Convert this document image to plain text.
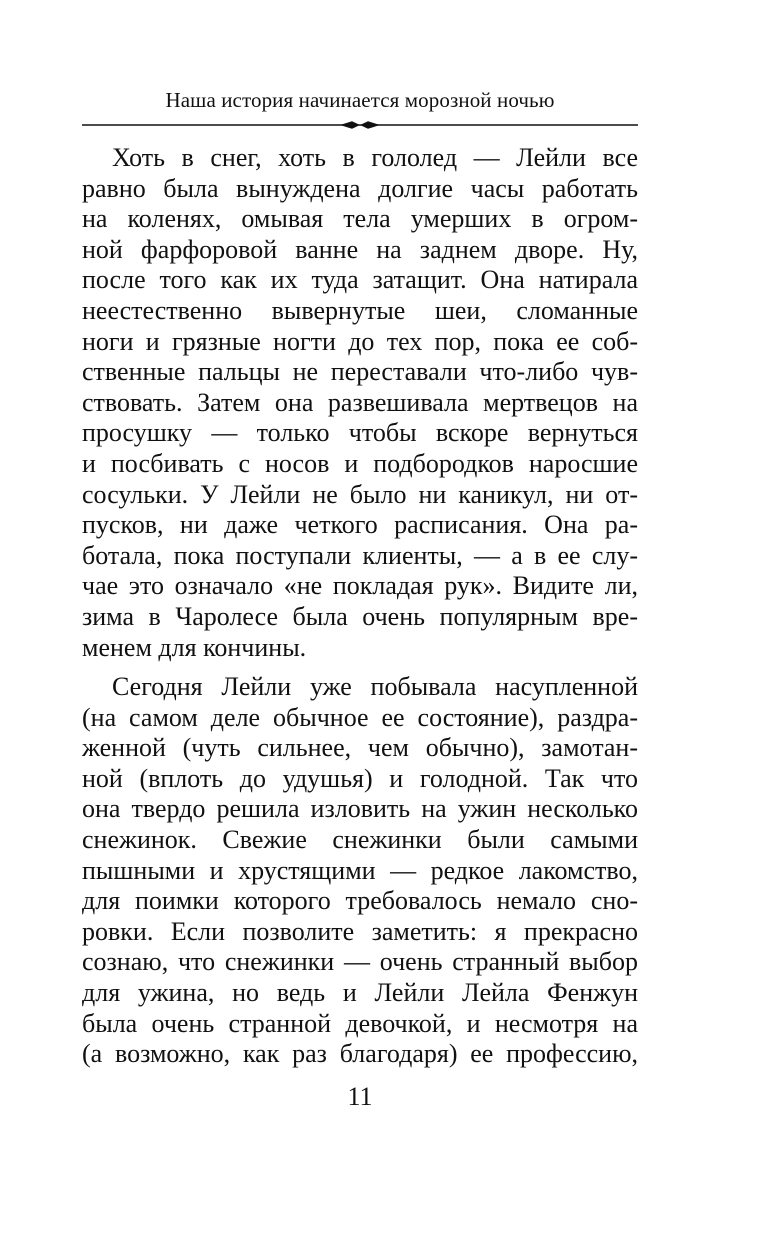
Наша история начинается морозной ночью
Хоть в снег, хоть в гололед — Лейли все
равно была вынуждена долгие часы работать
на коленях, омывая тела умерших в огром-
ной фарфоровой ванне на заднем дворе. Ну,
после того как их туда затащит. Она натирала
неестественно вывернутые шеи, сломанные
ноги и грязные ногти до тех пор, пока ее соб-
ственные пальцы не переставали что-либо чув-
ствовать. Затем она развешивала мертвецов на
просушку — только чтобы вскоре вернуться
и посбивать с носов и подбородков наросшие
сосульки. У Лейли не было ни каникул, ни от-
пусков, ни даже четкого расписания. Она ра-
ботала, пока поступали клиенты, — а в ее слу-
чае это означало «не покладая рук». Видите ли,
зима в Чаролесе была очень популярным вре-
менем для кончины.
Сегодня Лейли уже побывала насупленной
(на самом деле обычное ее состояние), раздра-
женной (чуть сильнее, чем обычно), замотан-
ной (вплоть до удушья) и голодной. Так что
она твердо решила изловить на ужин несколько
снежинок. Свежие снежинки были самыми
пышными и хрустящими — редкое лакомство,
для поимки которого требовалось немало сно-
ровки. Если позволите заметить: я прекрасно
сознаю, что снежинки — очень странный выбор
для ужина, но ведь и Лейли Лейла Фенжун
была очень странной девочкой, и несмотря на
(а возможно, как раз благодаря) ее профессию,
11
